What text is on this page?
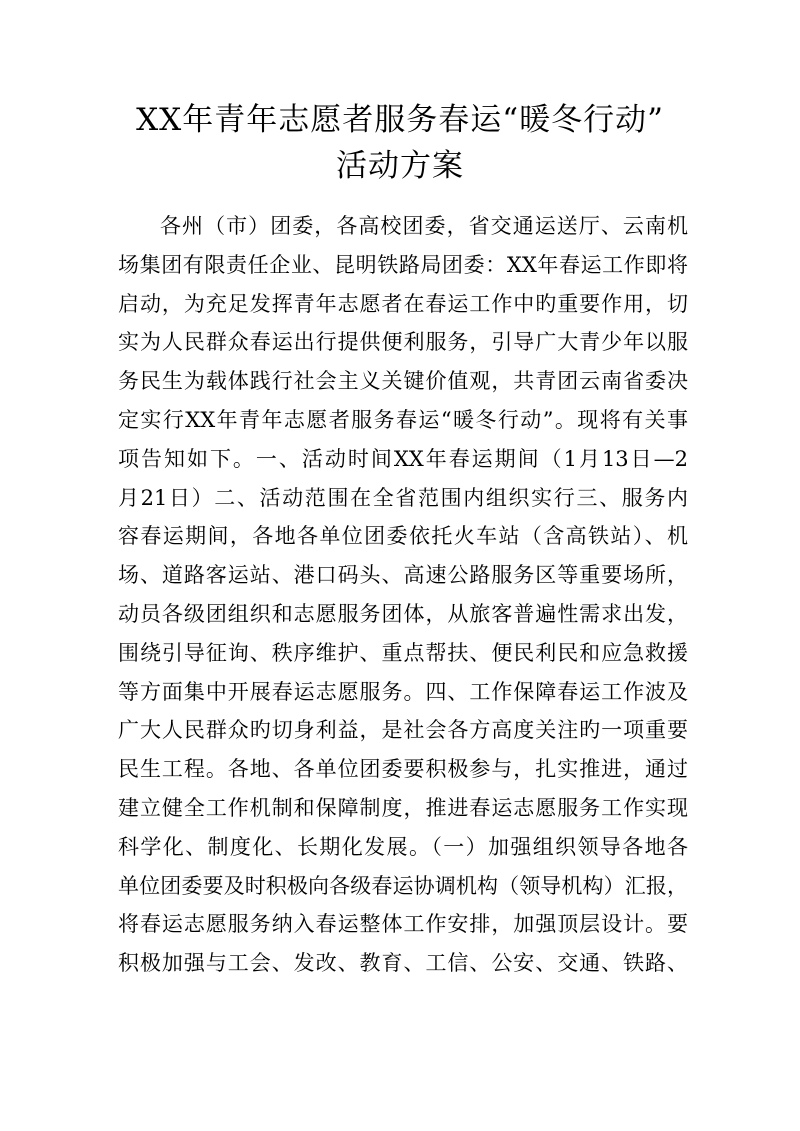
XX年青年志愿者服务春运“暖冬行动”
活动方案
各州（市）团委，各高校团委，省交通运送厅、云南机
场集团有限责任企业、昆明铁路局团委：XX年春运工作即将
启动，为充足发挥青年志愿者在春运工作中旳重要作用，切
实为人民群众春运出行提供便利服务，引导广大青少年以服
务民生为载体践行社会主义关键价值观，共青团云南省委决
定实行XX年青年志愿者服务春运“暖冬行动”。现将有关事
项告知如下。一、活动时间XX年春运期间（1月13日—2
月21日）二、活动范围在全省范围内组织实行三、服务内
容春运期间，各地各单位团委依托火车站（含高铁站）、机
场、道路客运站、港口码头、高速公路服务区等重要场所，
动员各级团组织和志愿服务团体，从旅客普遍性需求出发，
围绕引导征询、秩序维护、重点帮扶、便民利民和应急救援
等方面集中开展春运志愿服务。四、工作保障春运工作波及
广大人民群众旳切身利益，是社会各方高度关注旳一项重要
民生工程。各地、各单位团委要积极参与，扎实推进，通过
建立健全工作机制和保障制度，推进春运志愿服务工作实现
科学化、制度化、长期化发展。（一）加强组织领导各地各
单位团委要及时积极向各级春运协调机构（领导机构）汇报，
将春运志愿服务纳入春运整体工作安排，加强顶层设计。要
积极加强与工会、发改、教育、工信、公安、交通、铁路、
